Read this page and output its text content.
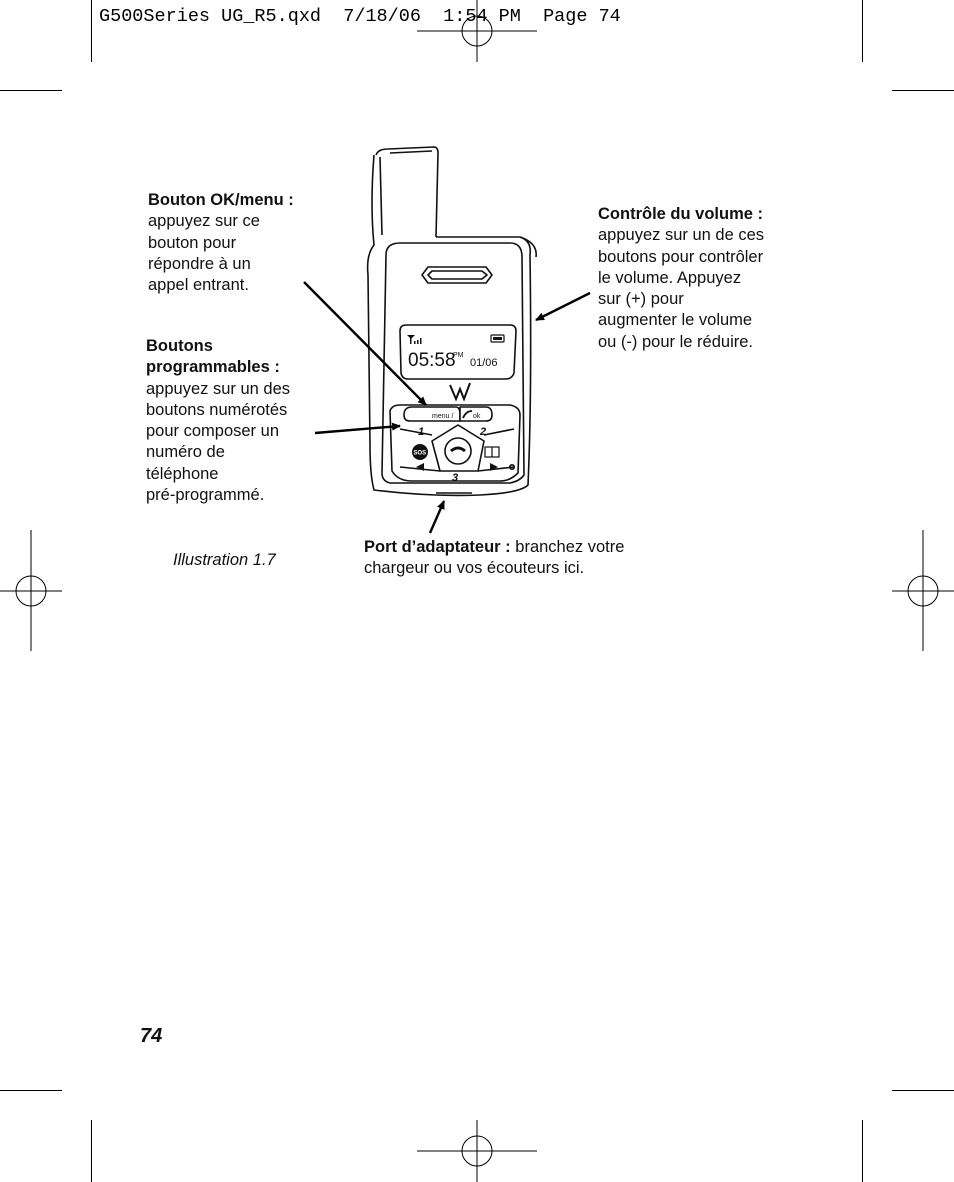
G500Series UG_R5.qxd  7/18/06  1:54 PM  Page 74
05:58
PM
01/06
menu /	ok
1	2
3
SOS
Bouton OK/menu :
appuyez sur ce
bouton pour
répondre à un
appel entrant.
Boutons
programmables :
appuyez sur un des
boutons numérotés
pour composer un
numéro de
téléphone
pré-programmé.
Contrôle du volume :
appuyez sur un de ces
boutons pour contrôler
le volume. Appuyez
sur (+) pour
augmenter le volume
ou (-) pour le réduire.
Port d’adaptateur : branchez votre
chargeur ou vos écouteurs ici.
Illustration 1.7
74
